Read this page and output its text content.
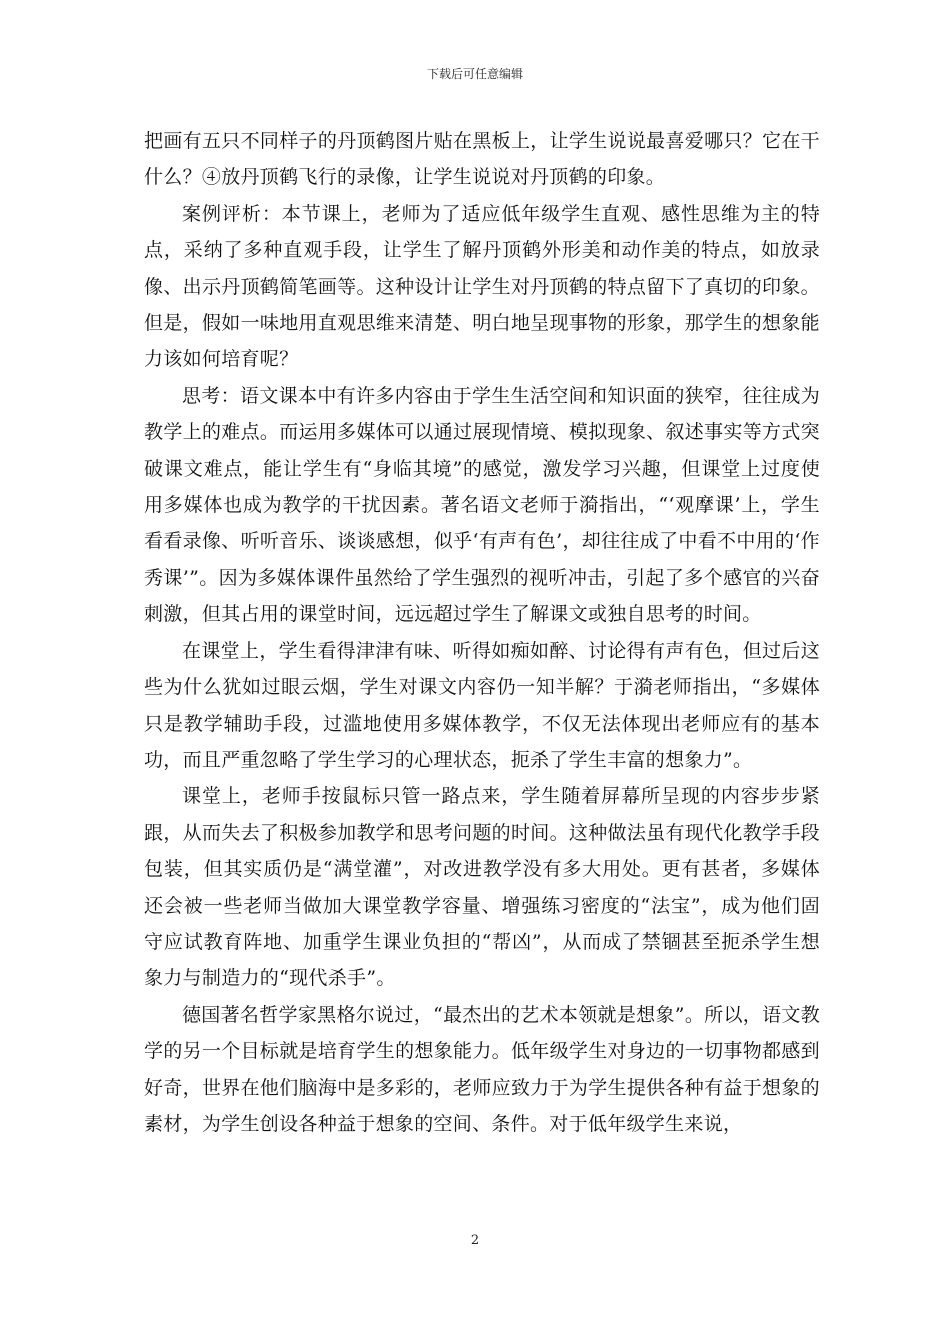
下载后可任意编辑

把画有五只不同样子的丹顶鹤图片贴在黑板上，让学生说说最喜爱哪只？它在干什么？④放丹顶鹤飞行的录像，让学生说说对丹顶鹤的印象。

案例评析：本节课上，老师为了适应低年级学生直观、感性思维为主的特点，采纳了多种直观手段，让学生了解丹顶鹤外形美和动作美的特点，如放录像、出示丹顶鹤简笔画等。这种设计让学生对丹顶鹤的特点留下了真切的印象。但是，假如一味地用直观思维来清楚、明白地呈现事物的形象，那学生的想象能力该如何培育呢？

思考：语文课本中有许多内容由于学生生活空间和知识面的狭窄，往往成为教学上的难点。而运用多媒体可以通过展现情境、模拟现象、叙述事实等方式突破课文难点，能让学生有“身临其境”的感觉，激发学习兴趣，但课堂上过度使用多媒体也成为教学的干扰因素。著名语文老师于漪指出，“‘观摩课’上，学生看看录像、听听音乐、谈谈感想，似乎‘有声有色’，却往往成了中看不中用的‘作秀课’”。因为多媒体课件虽然给了学生强烈的视听冲击，引起了多个感官的兴奋刺激，但其占用的课堂时间，远远超过学生了解课文或独自思考的时间。

在课堂上，学生看得津津有味、听得如痴如醉、讨论得有声有色，但过后这些为什么犹如过眼云烟，学生对课文内容仍一知半解？于漪老师指出，“多媒体只是教学辅助手段，过滥地使用多媒体教学，不仅无法体现出老师应有的基本功，而且严重忽略了学生学习的心理状态，扼杀了学生丰富的想象力”。

课堂上，老师手按鼠标只管一路点来，学生随着屏幕所呈现的内容步步紧跟，从而失去了积极参加教学和思考问题的时间。这种做法虽有现代化教学手段包装，但其实质仍是“满堂灌”，对改进教学没有多大用处。更有甚者，多媒体还会被一些老师当做加大课堂教学容量、增强练习密度的“法宝”，成为他们固守应试教育阵地、加重学生课业负担的“帮凶”，从而成了禁锢甚至扼杀学生想象力与制造力的“现代杀手”。

德国著名哲学家黑格尔说过，“最杰出的艺术本领就是想象”。所以，语文教学的另一个目标就是培育学生的想象能力。低年级学生对身边的一切事物都感到好奇，世界在他们脑海中是多彩的，老师应致力于为学生提供各种有益于想象的素材，为学生创设各种益于想象的空间、条件。对于低年级学生来说，

2
